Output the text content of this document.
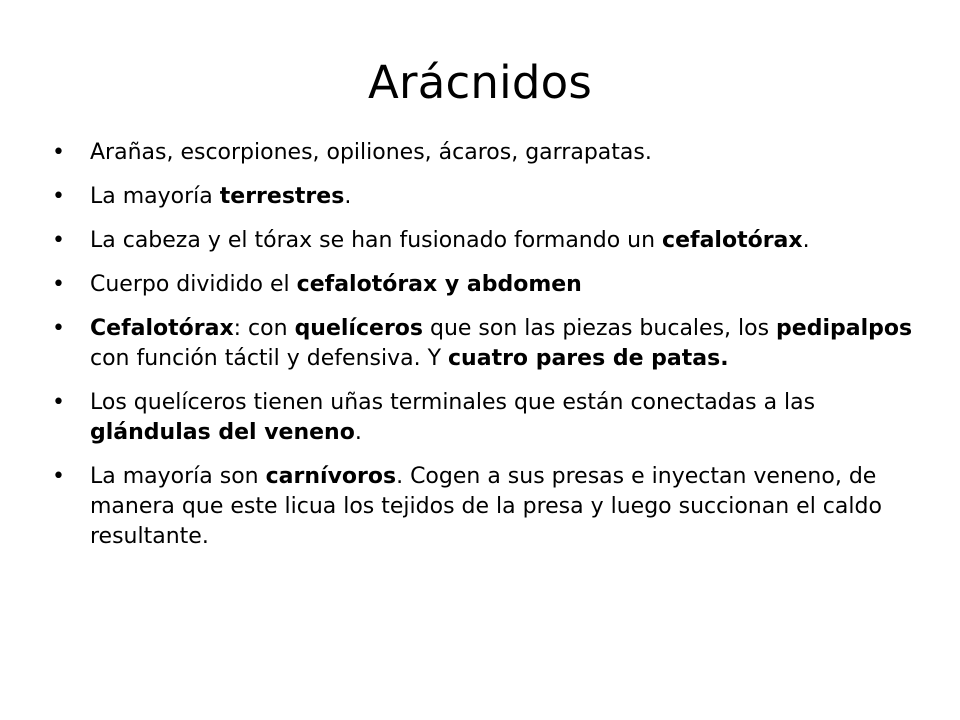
Arácnidos
• Arañas, escorpiones, opiliones, ácaros, garrapatas.
• La mayoría terrestres.
• La cabeza y el tórax se han fusionado formando un cefalotórax.
• Cuerpo dividido el cefalotórax y abdomen
• Cefalotórax: con quelíceros que son las piezas bucales, los pedipalpos con función táctil y defensiva. Y cuatro pares de patas.
• Los quelíceros tienen uñas terminales que están conectadas a las glándulas del veneno.
• La mayoría son carnívoros. Cogen a sus presas e inyectan veneno, de manera que este licua los tejidos de la presa y luego succionan el caldo resultante.
